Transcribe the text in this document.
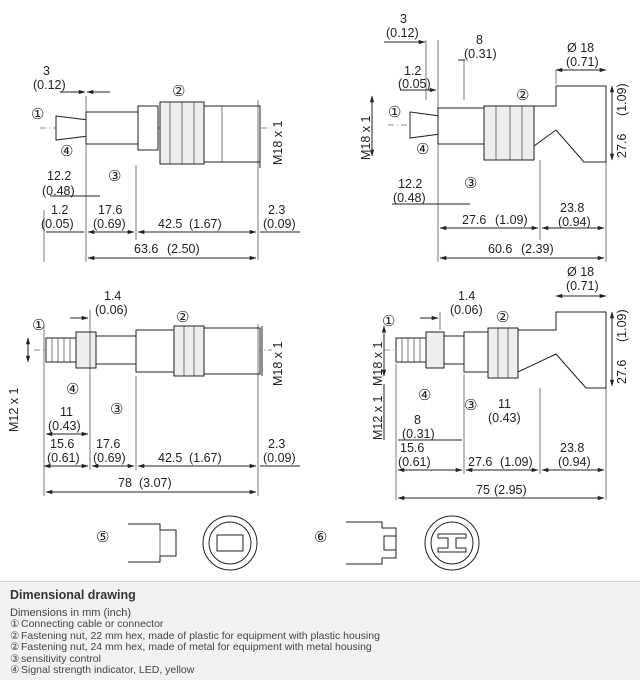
3
(0.12)
①
②
④
③
M18 x 1
12.2
(0.48)
1.2
(0.05)
17.6
(0.69)	42.5 (1.67)
2.3
(0.09)
63.6 (2.50)
3
(0.12)	8
(0.31)
1.2
(0.05)
Ø 18
(0.71)
27.6
(1.09)
M18 x 1
①
②
④
③
12.2
(0.48)
27.6 (1.09)
23.8
(0.94)
60.6 (2.39)
1.4
(0.06)
①	②
④
③
M12 x 1
M18 x 1
11
(0.43)
15.6
(0.61)
17.6
(0.69)	42.5 (1.67)
2.3
(0.09)
78 (3.07)
Ø 18
(0.71)
1.4
(0.06)
27.6
(1.09)
M18 x 1
M12 x 1
①	②
④
③ 11
(0.43)
8
(0.31)
15.6
(0.61)	27.6 (1.09)
23.8
(0.94)
75 (2.95)
⑤	⑥
Dimensional drawing
Dimensions in mm (inch)
① Connecting cable or connector
② Fastening nut, 22 mm hex, made of plastic for equipment with plastic housing
② Fastening nut, 24 mm hex, made of metal for equipment with metal housing
③ sensitivity control
④ Signal strength indicator, LED, yellow
